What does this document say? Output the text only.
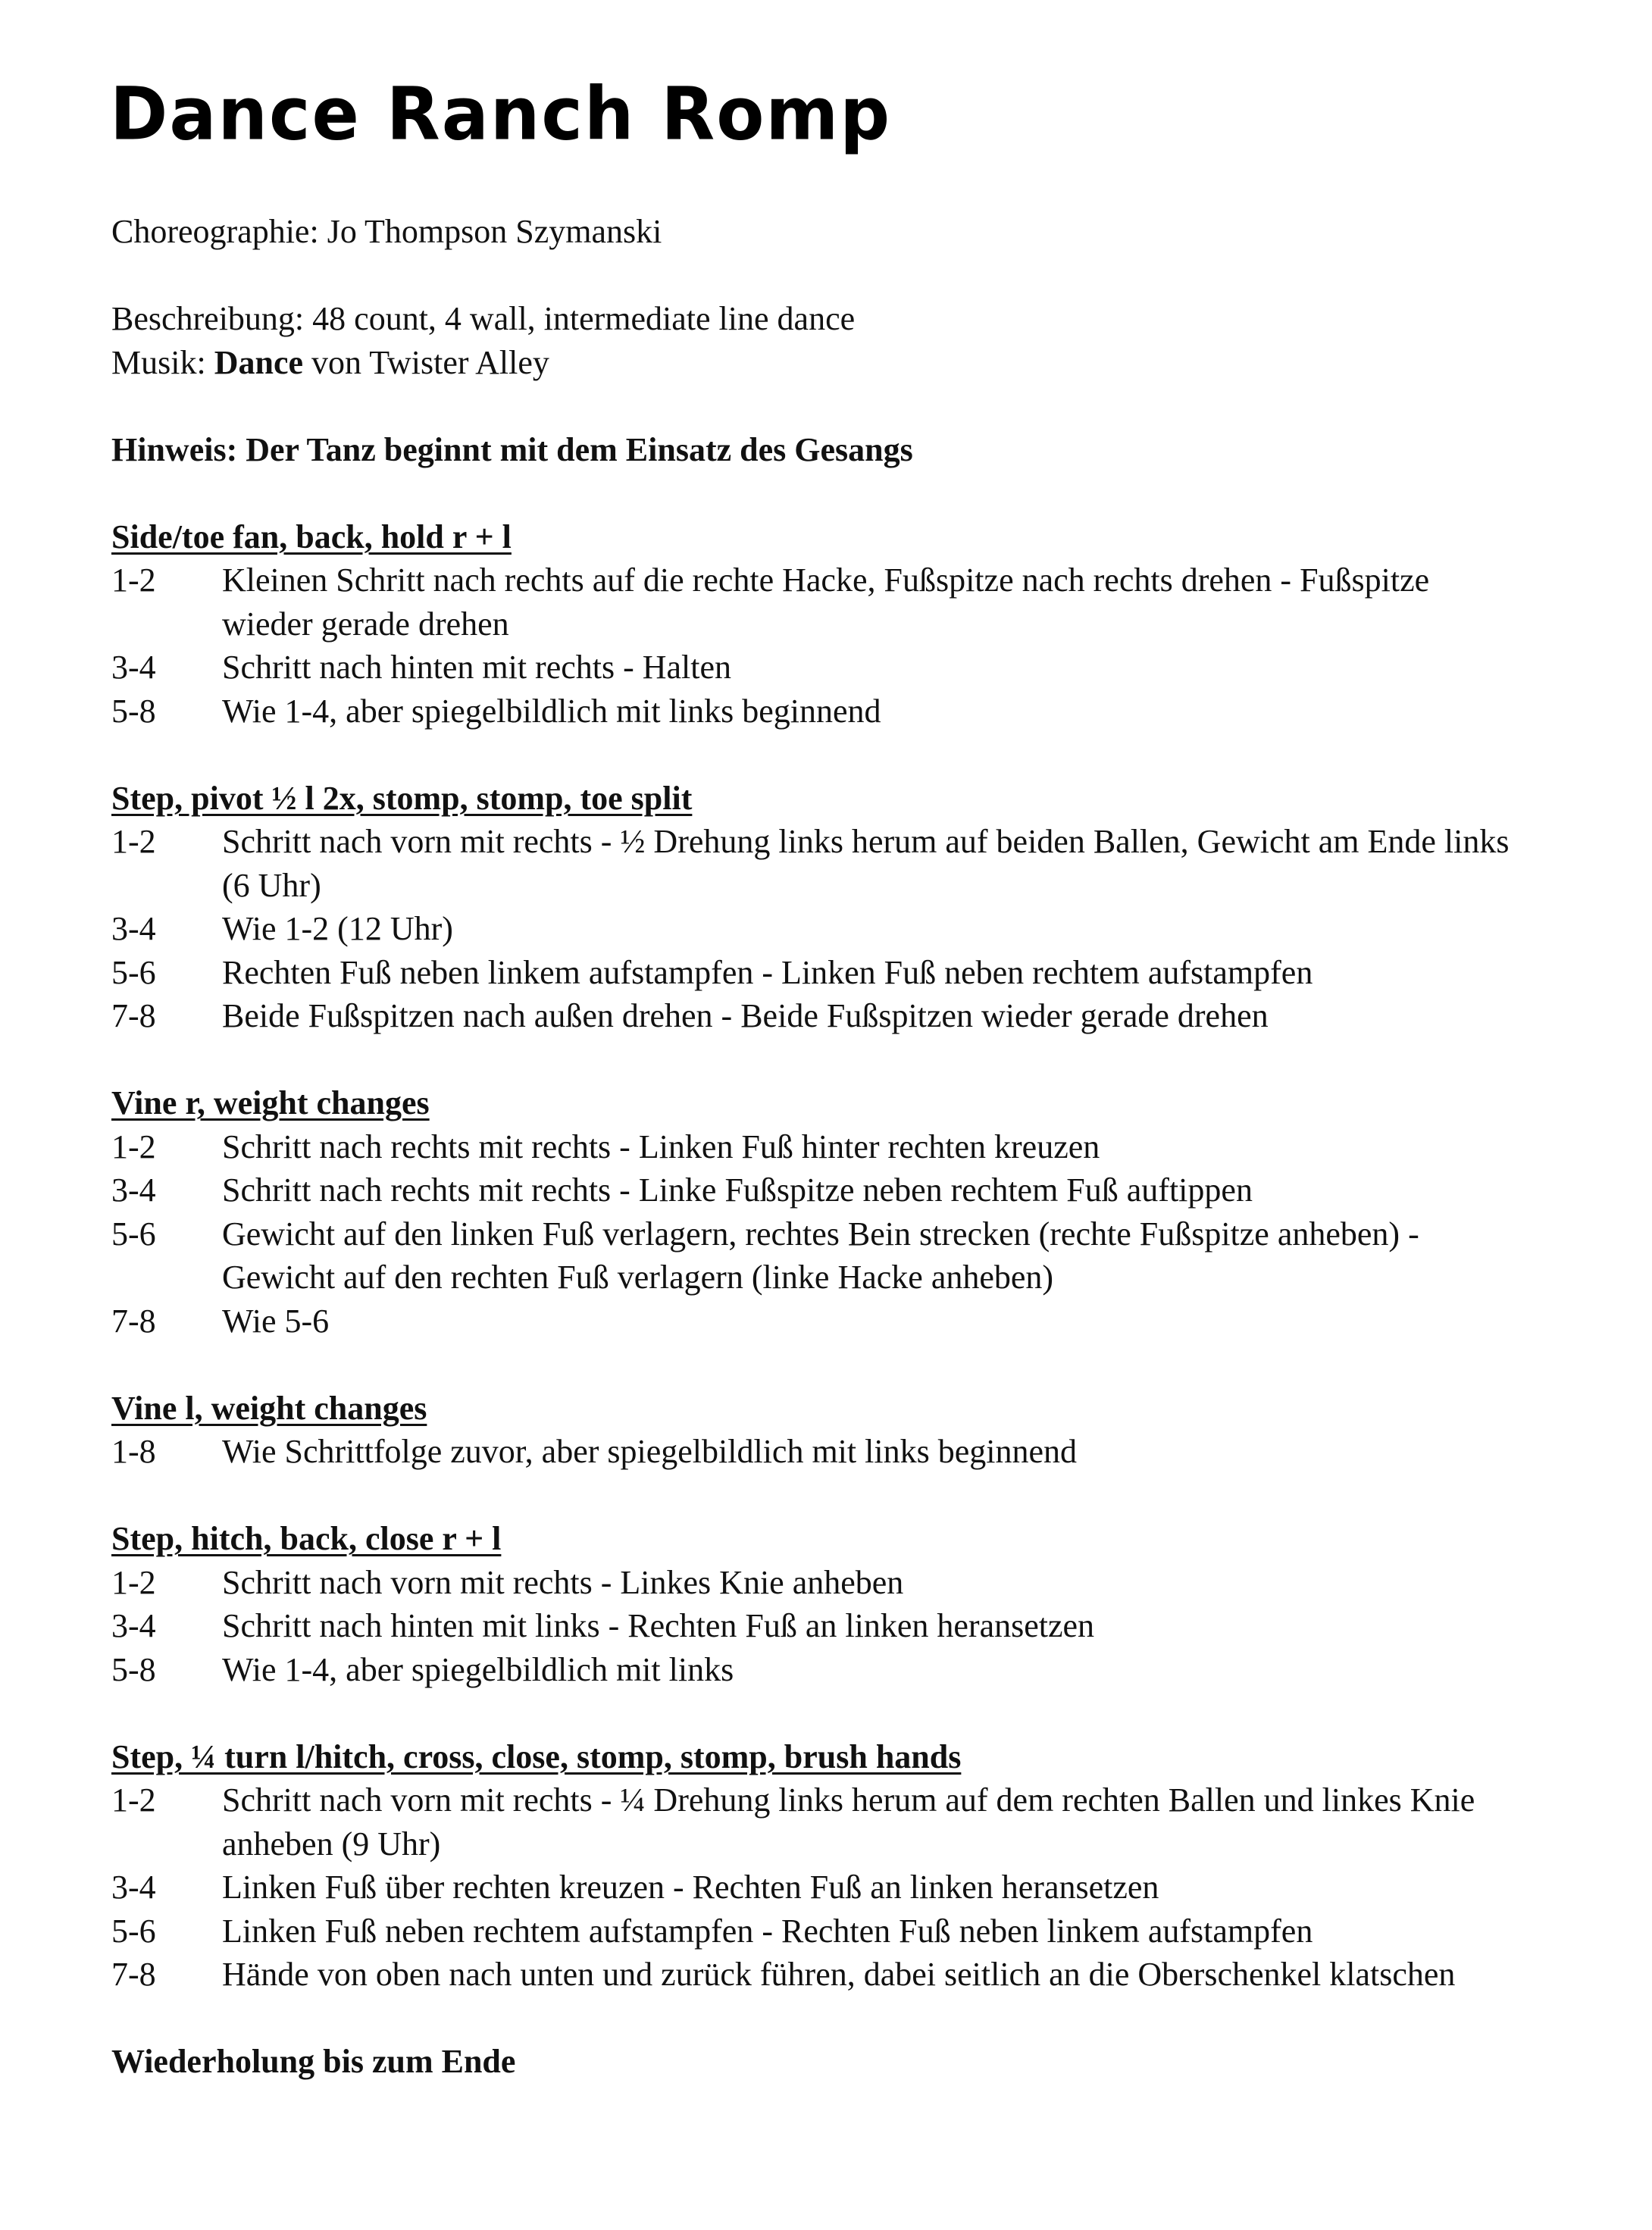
Dance Ranch Romp
Choreographie: Jo Thompson Szymanski
Beschreibung: 48 count, 4 wall, intermediate line dance
Musik: Dance von Twister Alley
Hinweis: Der Tanz beginnt mit dem Einsatz des Gesangs
Side/toe fan, back, hold r + l
1-2	Kleinen Schritt nach rechts auf die rechte Hacke, Fußspitze nach rechts drehen - Fußspitze wieder gerade drehen
3-4	Schritt nach hinten mit rechts - Halten
5-8	Wie 1-4, aber spiegelbildlich mit links beginnend
Step, pivot ½ l 2x, stomp, stomp, toe split
1-2	Schritt nach vorn mit rechts - ½ Drehung links herum auf beiden Ballen, Gewicht am Ende links (6 Uhr)
3-4	Wie 1-2 (12 Uhr)
5-6	Rechten Fuß neben linkem aufstampfen - Linken Fuß neben rechtem aufstampfen
7-8	Beide Fußspitzen nach außen drehen - Beide Fußspitzen wieder gerade drehen
Vine r, weight changes
1-2	Schritt nach rechts mit rechts - Linken Fuß hinter rechten kreuzen
3-4	Schritt nach rechts mit rechts - Linke Fußspitze neben rechtem Fuß auftippen
5-6	Gewicht auf den linken Fuß verlagern, rechtes Bein strecken (rechte Fußspitze anheben) - Gewicht auf den rechten Fuß verlagern (linke Hacke anheben)
7-8	Wie 5-6
Vine l, weight changes
1-8	Wie Schrittfolge zuvor, aber spiegelbildlich mit links beginnend
Step, hitch, back, close r + l
1-2	Schritt nach vorn mit rechts - Linkes Knie anheben
3-4	Schritt nach hinten mit links - Rechten Fuß an linken heransetzen
5-8	Wie 1-4, aber spiegelbildlich mit links
Step, ¼ turn l/hitch, cross, close, stomp, stomp, brush hands
1-2	Schritt nach vorn mit rechts - ¼ Drehung links herum auf dem rechten Ballen und linkes Knie anheben (9 Uhr)
3-4	Linken Fuß über rechten kreuzen - Rechten Fuß an linken heransetzen
5-6	Linken Fuß neben rechtem aufstampfen - Rechten Fuß neben linkem aufstampfen
7-8	Hände von oben nach unten und zurück führen, dabei seitlich an die Oberschenkel klatschen
Wiederholung bis zum Ende
